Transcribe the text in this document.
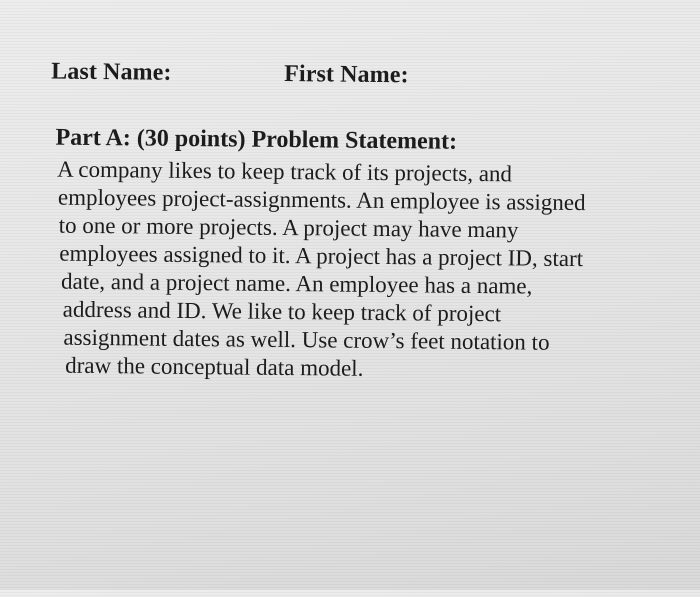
Last Name:	First Name:
Part A: (30 points) Problem Statement:
A company likes to keep track of its projects, and
employees project-assignments. An employee is assigned
to one or more projects. A project may have many
employees assigned to it. A project has a project ID, start
date, and a project name. An employee has a name,
address and ID. We like to keep track of project
assignment dates as well. Use crow’s feet notation to
draw the conceptual data model.
